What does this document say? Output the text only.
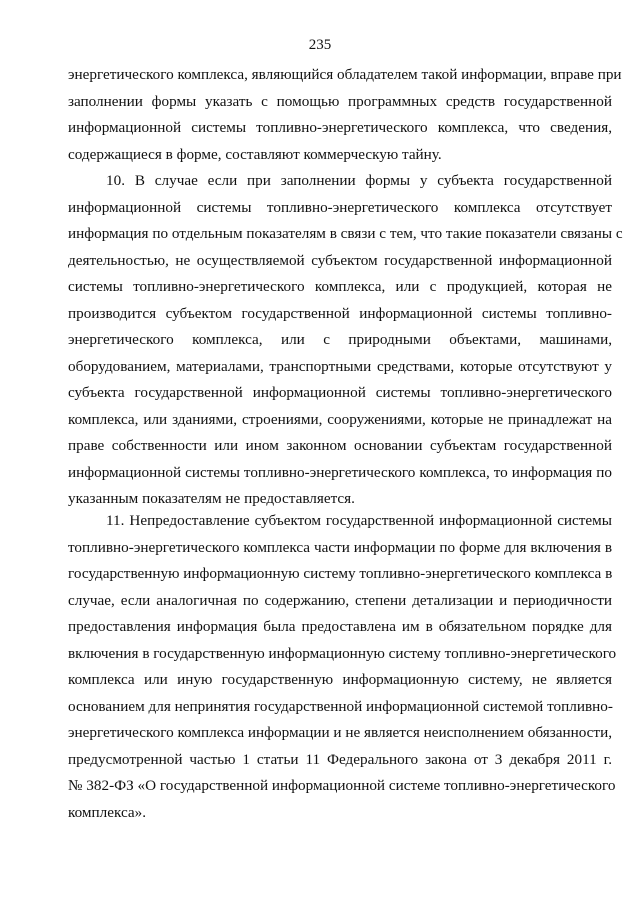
235
энергетического комплекса, являющийся обладателем такой информации, вправе при
заполнении формы указать с помощью программных средств государственной
информационной системы топливно-энергетического комплекса, что сведения,
содержащиеся в форме, составляют коммерческую тайну.
10. В случае если при заполнении формы у субъекта государственной
информационной системы топливно-энергетического комплекса отсутствует
информация по отдельным показателям в связи с тем, что такие показатели связаны с
деятельностью, не осуществляемой субъектом государственной информационной
системы топливно-энергетического комплекса, или с продукцией, которая не
производится субъектом государственной информационной системы топливно-
энергетического комплекса, или с природными объектами, машинами,
оборудованием, материалами, транспортными средствами, которые отсутствуют у
субъекта государственной информационной системы топливно-энергетического
комплекса, или зданиями, строениями, сооружениями, которые не принадлежат на
праве собственности или ином законном основании субъектам государственной
информационной системы топливно-энергетического комплекса, то информация по
указанным показателям не предоставляется.
11. Непредоставление субъектом государственной информационной системы
топливно-энергетического комплекса части информации по форме для включения в
государственную информационную систему топливно-энергетического комплекса в
случае, если аналогичная по содержанию, степени детализации и периодичности
предоставления информация была предоставлена им в обязательном порядке для
включения в государственную информационную систему топливно-энергетического
комплекса или иную государственную информационную систему, не является
основанием для непринятия государственной информационной системой топливно-
энергетического комплекса информации и не является неисполнением обязанности,
предусмотренной частью 1 статьи 11 Федерального закона от 3 декабря 2011 г.
№ 382-ФЗ «О государственной информационной системе топливно-энергетического
комплекса».
